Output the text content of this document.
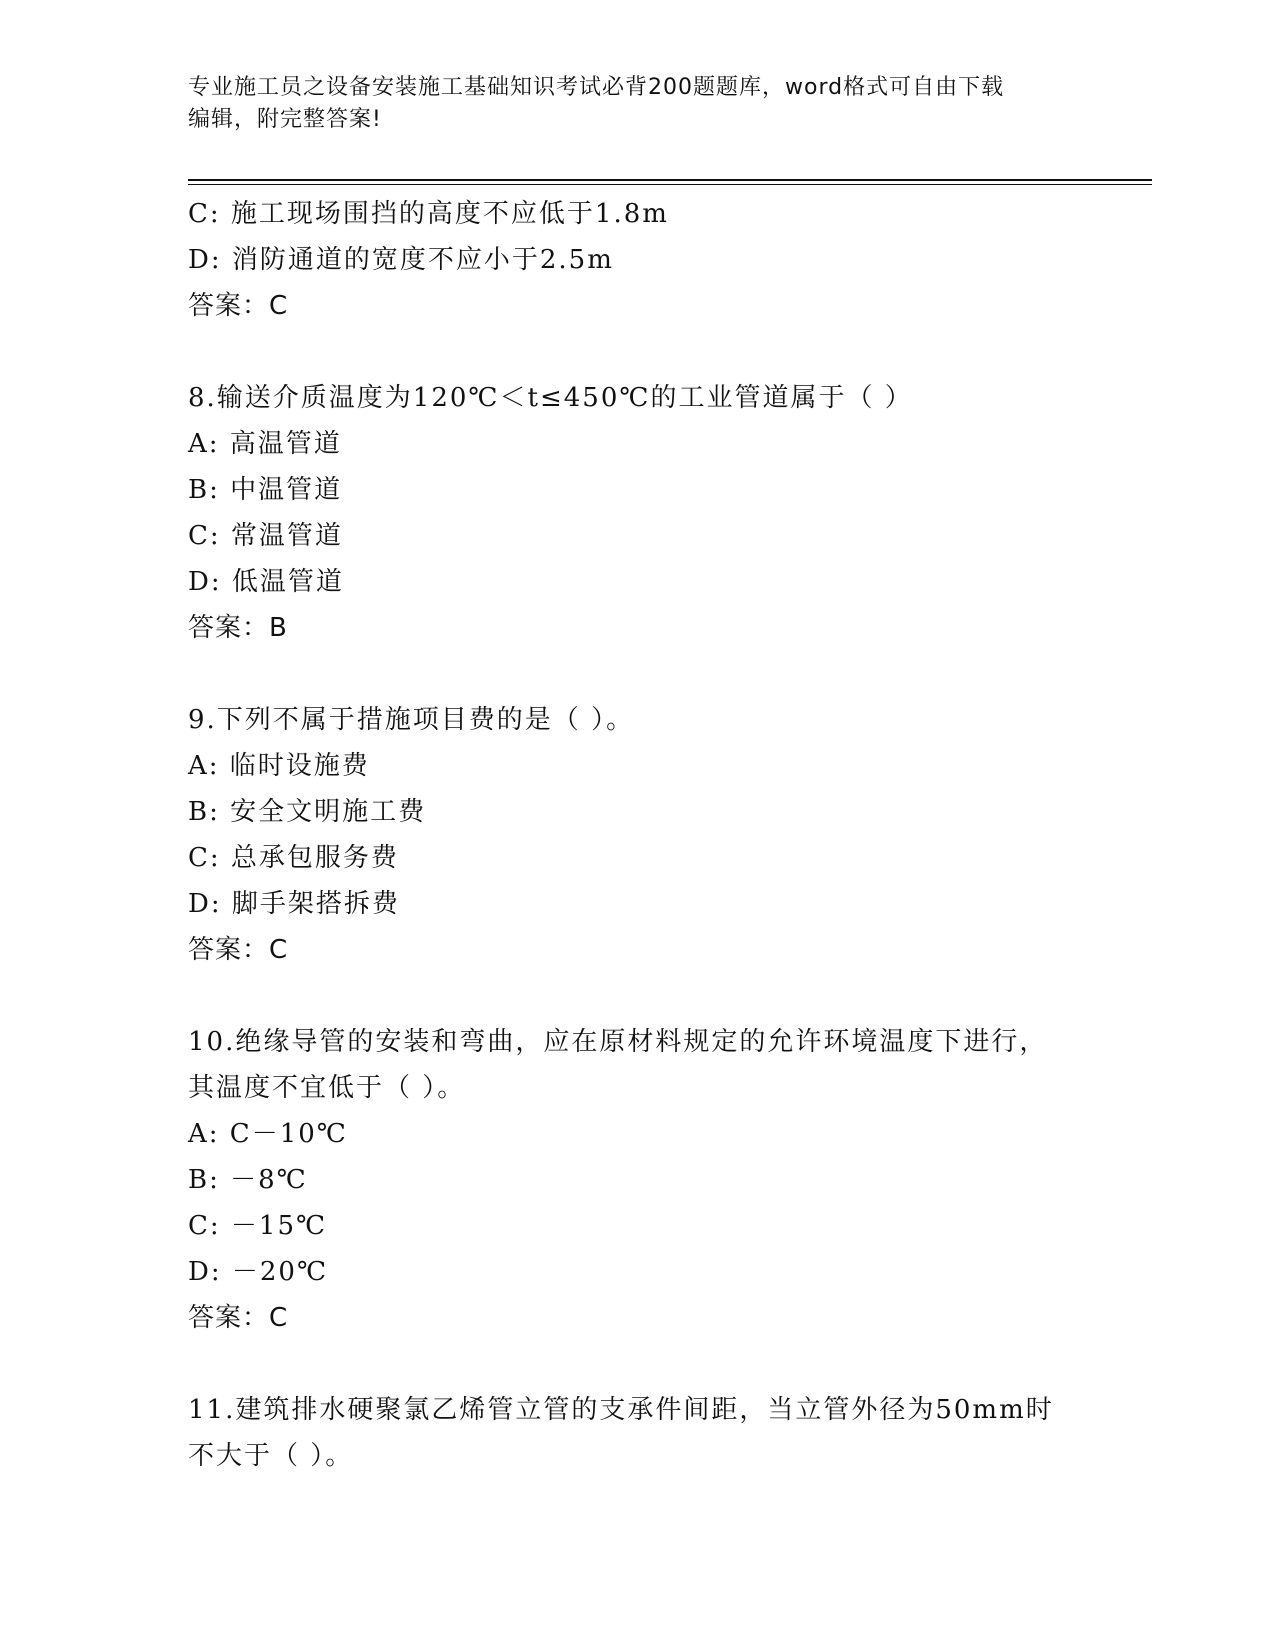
专业施工员之设备安装施工基础知识考试必背200题题库，word格式可自由下载
编辑，附完整答案!
C: 施工现场围挡的高度不应低于1.8m
D: 消防通道的宽度不应小于2.5m
答案：C
8.输送介质温度为120℃＜t≤450℃的工业管道属于（ ）
A: 高温管道
B: 中温管道
C: 常温管道
D: 低温管道
答案：B
9.下列不属于措施项目费的是（ ）。
A: 临时设施费
B: 安全文明施工费
C: 总承包服务费
D: 脚手架搭拆费
答案：C
10.绝缘导管的安装和弯曲，应在原材料规定的允许环境温度下进行，
其温度不宜低于（ ）。
A: C－10℃
B: －8℃
C: －15℃
D: －20℃
答案：C
11.建筑排水硬聚氯乙烯管立管的支承件间距，当立管外径为50mm时
不大于（ ）。
